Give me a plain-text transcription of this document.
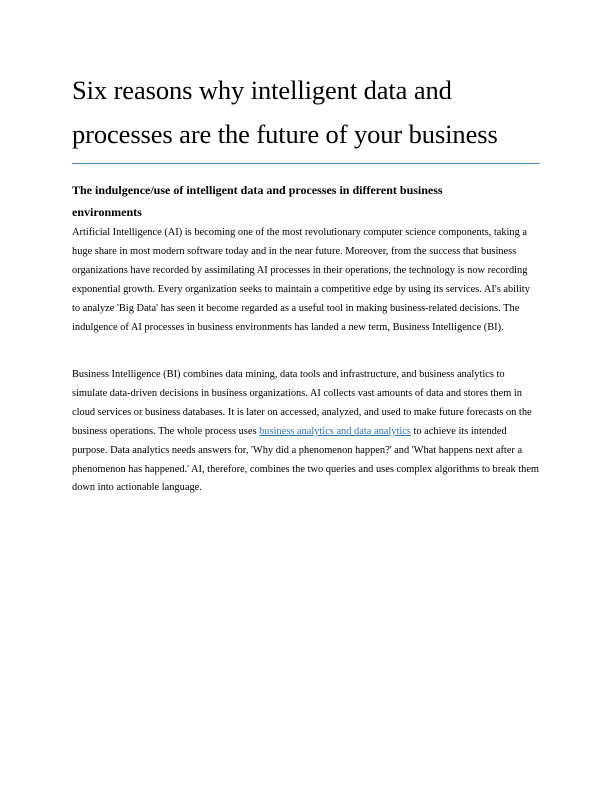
Six reasons why intelligent data and processes are the future of your business
The indulgence/use of intelligent data and processes in different business environments

Artificial Intelligence (AI) is becoming one of the most revolutionary computer science components, taking a huge share in most modern software today and in the near future. Moreover, from the success that business organizations have recorded by assimilating AI processes in their operations, the technology is now recording exponential growth. Every organization seeks to maintain a competitive edge by using its services. AI's ability to analyze 'Big Data' has seen it become regarded as a useful tool in making business-related decisions. The indulgence of AI processes in business environments has landed a new term, Business Intelligence (BI).

Business Intelligence (BI) combines data mining, data tools and infrastructure, and business analytics to simulate data-driven decisions in business organizations. AI collects vast amounts of data and stores them in cloud services or business databases. It is later on accessed, analyzed, and used to make future forecasts on the business operations. The whole process uses business analytics and data analytics to achieve its intended purpose. Data analytics needs answers for, 'Why did a phenomenon happen?' and 'What happens next after a phenomenon has happened.' AI, therefore, combines the two queries and uses complex algorithms to break them down into actionable language.
